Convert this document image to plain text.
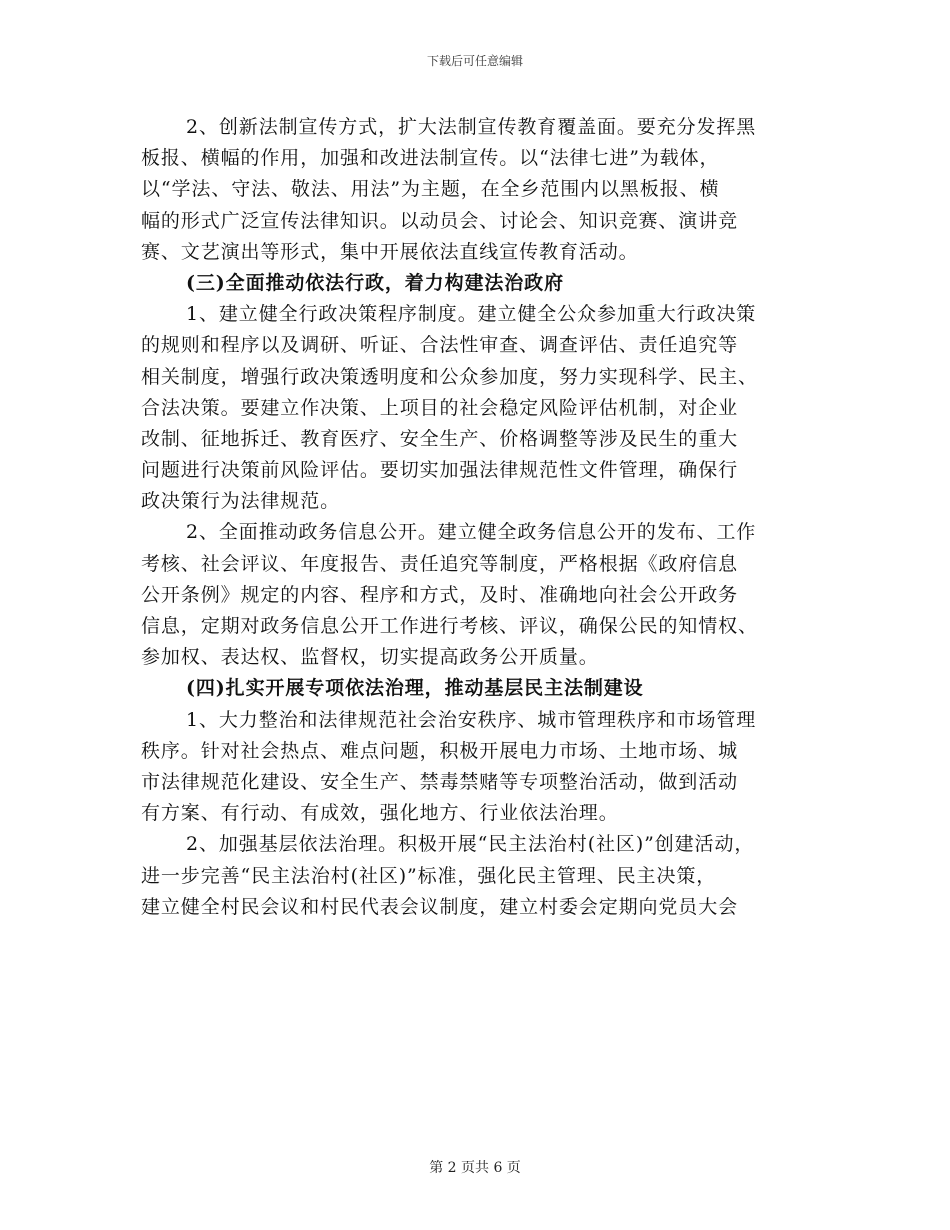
下载后可任意编辑
2、创新法制宣传方式，扩大法制宣传教育覆盖面。要充分发挥黑
板报、横幅的作用，加强和改进法制宣传。以“法律七进”为载体，
以“学法、守法、敬法、用法”为主题，在全乡范围内以黑板报、横
幅的形式广泛宣传法律知识。以动员会、讨论会、知识竞赛、演讲竞
赛、文艺演出等形式，集中开展依法直线宣传教育活动。
(三)全面推动依法行政，着力构建法治政府
1、建立健全行政决策程序制度。建立健全公众参加重大行政决策
的规则和程序以及调研、听证、合法性审查、调查评估、责任追究等
相关制度，增强行政决策透明度和公众参加度，努力实现科学、民主、
合法决策。要建立作决策、上项目的社会稳定风险评估机制，对企业
改制、征地拆迁、教育医疗、安全生产、价格调整等涉及民生的重大
问题进行决策前风险评估。要切实加强法律规范性文件管理，确保行
政决策行为法律规范。
2、全面推动政务信息公开。建立健全政务信息公开的发布、工作
考核、社会评议、年度报告、责任追究等制度，严格根据《政府信息
公开条例》规定的内容、程序和方式，及时、准确地向社会公开政务
信息，定期对政务信息公开工作进行考核、评议，确保公民的知情权、
参加权、表达权、监督权，切实提高政务公开质量。
(四)扎实开展专项依法治理，推动基层民主法制建设
1、大力整治和法律规范社会治安秩序、城市管理秩序和市场管理
秩序。针对社会热点、难点问题，积极开展电力市场、土地市场、城
市法律规范化建设、安全生产、禁毒禁赌等专项整治活动，做到活动
有方案、有行动、有成效，强化地方、行业依法治理。
2、加强基层依法治理。积极开展“民主法治村(社区)”创建活动，
进一步完善“民主法治村(社区)”标准，强化民主管理、民主决策，
建立健全村民会议和村民代表会议制度，建立村委会定期向党员大会
第 2 页共 6 页
